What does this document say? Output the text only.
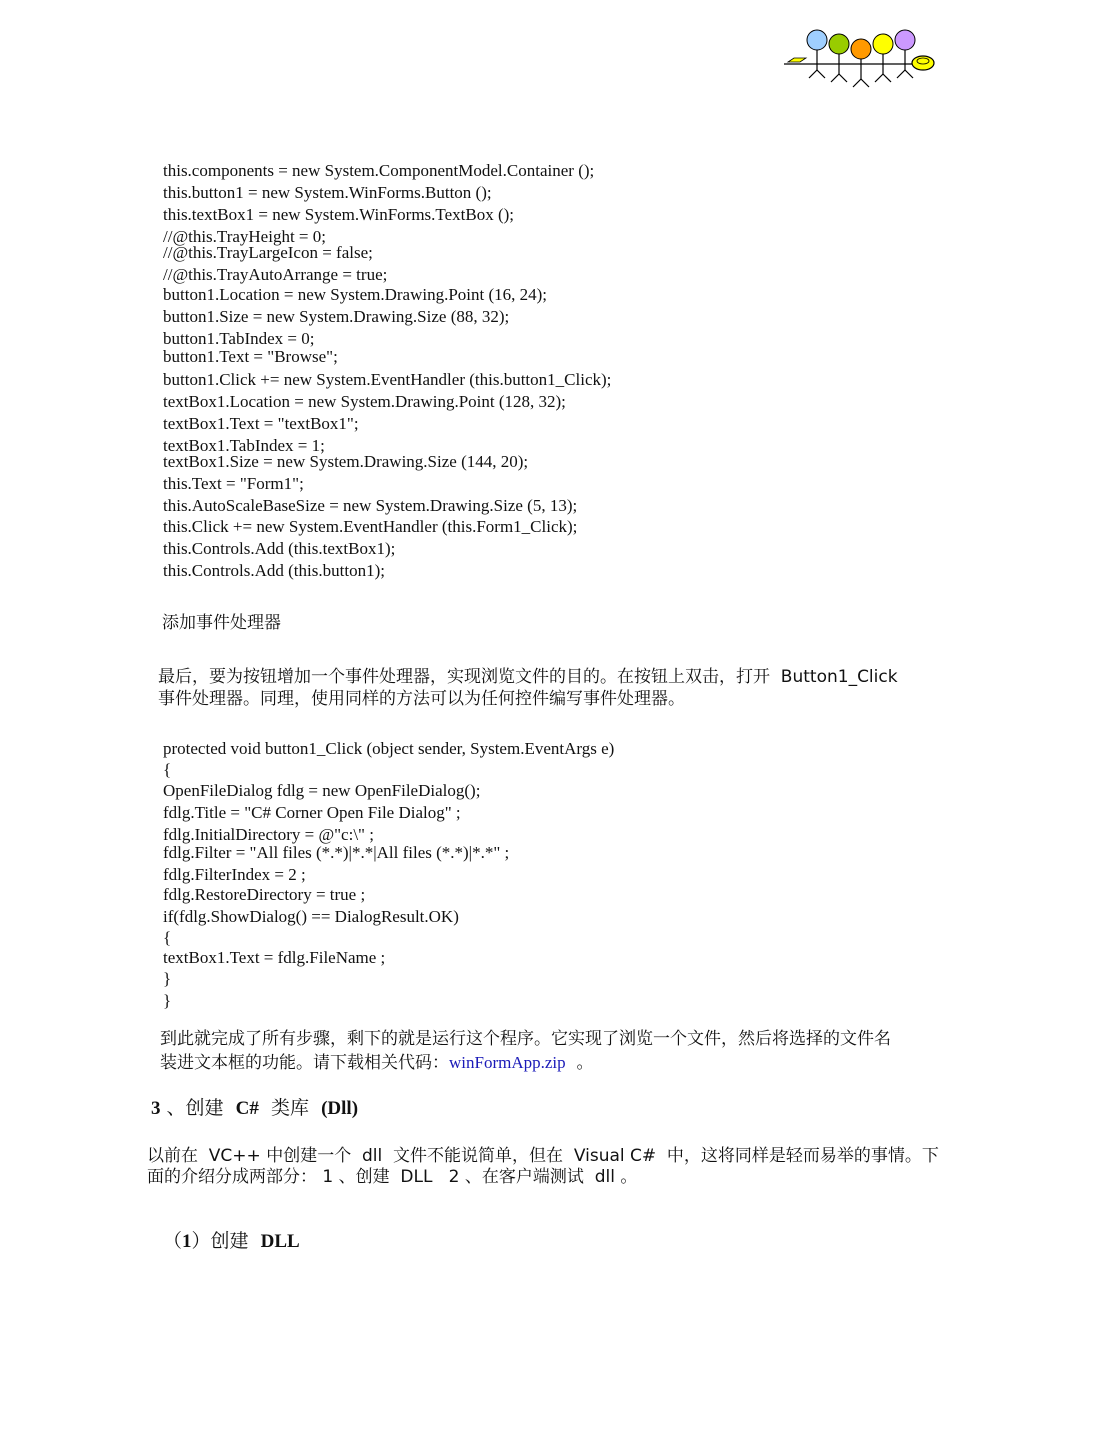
this.components = new System.ComponentModel.Container ();
this.button1 = new System.WinForms.Button ();
this.textBox1 = new System.WinForms.TextBox ();
//@this.TrayHeight = 0;
//@this.TrayLargeIcon = false;
//@this.TrayAutoArrange = true;
button1.Location = new System.Drawing.Point (16, 24);
button1.Size = new System.Drawing.Size (88, 32);
button1.TabIndex = 0;
button1.Text = "Browse";
button1.Click += new System.EventHandler (this.button1_Click);
textBox1.Location = new System.Drawing.Point (128, 32);
textBox1.Text = "textBox1";
textBox1.TabIndex = 1;
textBox1.Size = new System.Drawing.Size (144, 20);
this.Text = "Form1";
this.AutoScaleBaseSize = new System.Drawing.Size (5, 13);
this.Click += new System.EventHandler (this.Form1_Click);
this.Controls.Add (this.textBox1);
this.Controls.Add (this.button1);
添加事件处理器
最后，要为按钮增加一个事件处理器，实现浏览文件的目的。在按钮上双击，打开  Button1_Click
事件处理器。同理，使用同样的方法可以为任何控件编写事件处理器。
protected void button1_Click (object sender, System.EventArgs e)
{
OpenFileDialog fdlg = new OpenFileDialog();
fdlg.Title = "C# Corner Open File Dialog" ;
fdlg.InitialDirectory = @"c:\" ;
fdlg.Filter = "All files (*.*)|*.*|All files (*.*)|*.*" ;
fdlg.FilterIndex = 2 ;
fdlg.RestoreDirectory = true ;
if(fdlg.ShowDialog() == DialogResult.OK)
{
textBox1.Text = fdlg.FileName ;
}
}
到此就完成了所有步骤，剩下的就是运行这个程序。它实现了浏览一个文件，然后将选择的文件名
装进文本框的功能。请下载相关代码：winFormApp.zip  。
3 、创建 C# 类库 (Dll)
以前在  VC++ 中创建一个  dll  文件不能说简单，但在  Visual C#  中，这将同样是轻而易举的事情。下
面的介绍分成两部分： 1 、创建  DLL   2 、在客户端测试  dll 。
（1）创建 DLL
